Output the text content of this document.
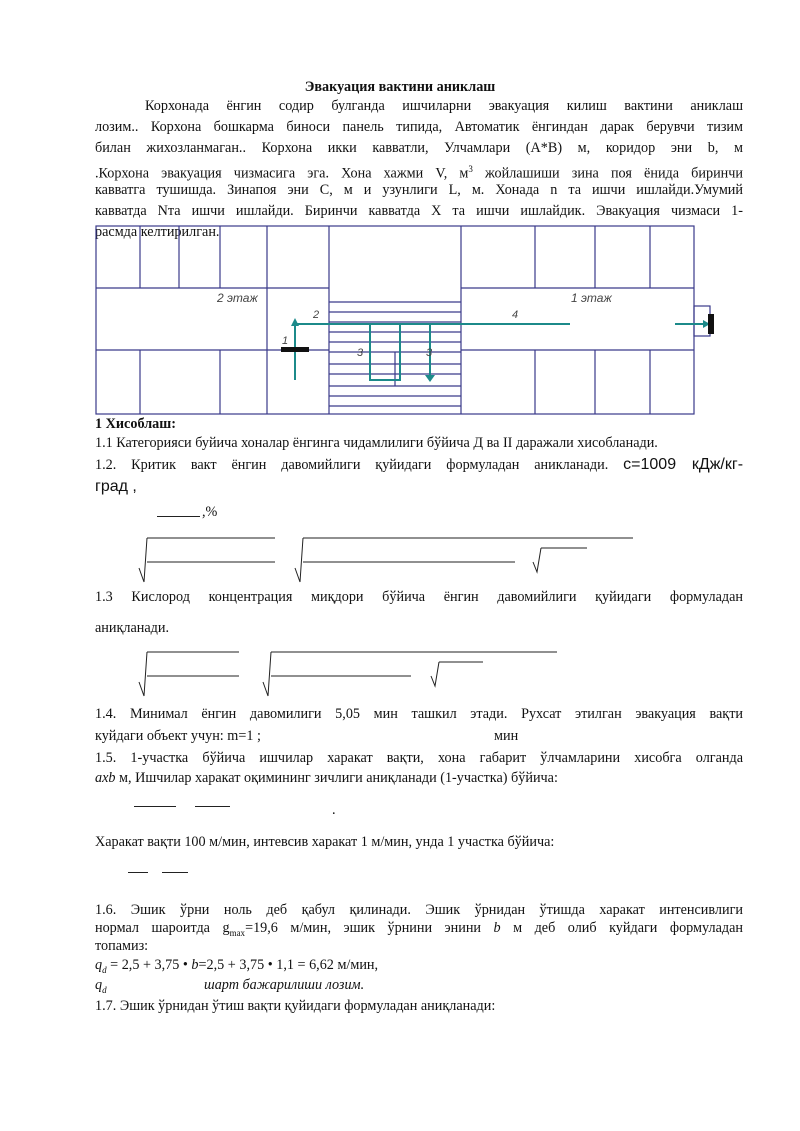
Эвакуация вактини аниклаш
Корхонада ёнгин содир булганда ишчиларни эвакуация килиш вактини аниклаш
лозим.. Корхона бошкарма биноси панель типида, Автоматик ёнгиндан дарак берувчи тизим
билан жихозланмаган.. Корхона икки кавватли, Улчамлари (А*В) м, коридор эни b, м
.Корхона эвакуация чизмасига эга. Хона хажми V, $м^3$ жойлашиши зина поя ёнида биринчи
кавватга тушишда. Зинапоя эни С, м и узунлиги L, м. Хонада n та ишчи ишлайди.Умумий
кавватда Nта ишчи ишлайди. Биринчи кавватда Х та ишчи ишлайдик. Эвакуация чизмаси 1-
расмда келтирилган.
2 этаж	1 этаж
1
2
3	3
4
1 Хисоблаш:
1.1 Категорияси буйича хоналар ёнгинга чидамлилиги бўйича Д ва II даражали хисобланади.
1.2. Критик вакт ёнгин давомийлиги қуйидаги формуладан аникланади. с=1009 кДж/кг-
град ,
,%
1.3 Кислород концентрация миқдори бўйича ёнгин давомийлиги қуйидаги формуладан
аниқланади.
1.4. Минимал ёнгин давомилиги 5,05 мин ташкил этади. Рухсат этилган эвакуация вақти
куйдаги объект учун: m=1 ;	мин
1.5. 1-участка бўйича ишчилар харакат вақти, хона габарит ўлчамларини хисобга олганда
axb м, Ишчилар харакат оқимининг зичлиги аниқланади (1-участка) бўйича:
.
Харакат вақти 100 м/мин, интевсив харакат 1 м/мин, унда 1 участка бўйича:
1.6. Эшик ўрни ноль деб қабул қилинади. Эшик ўрнидан ўтишда харакат интенсивлиги
нормал шароитда $g_{max}=19,6$ м/мин, эшик ўрнини энини b м деб олиб куйдаги формуладан
топамиз:
$q_d = 2,5 + 3,75$ • b=2,5 + 3,75 • 1,1 = 6,62 м/мин,
$q_d$	шарт бажарилиши лозим.
1.7. Эшик ўрнидан ўтиш вақти қуйидаги формуладан аниқланади:
